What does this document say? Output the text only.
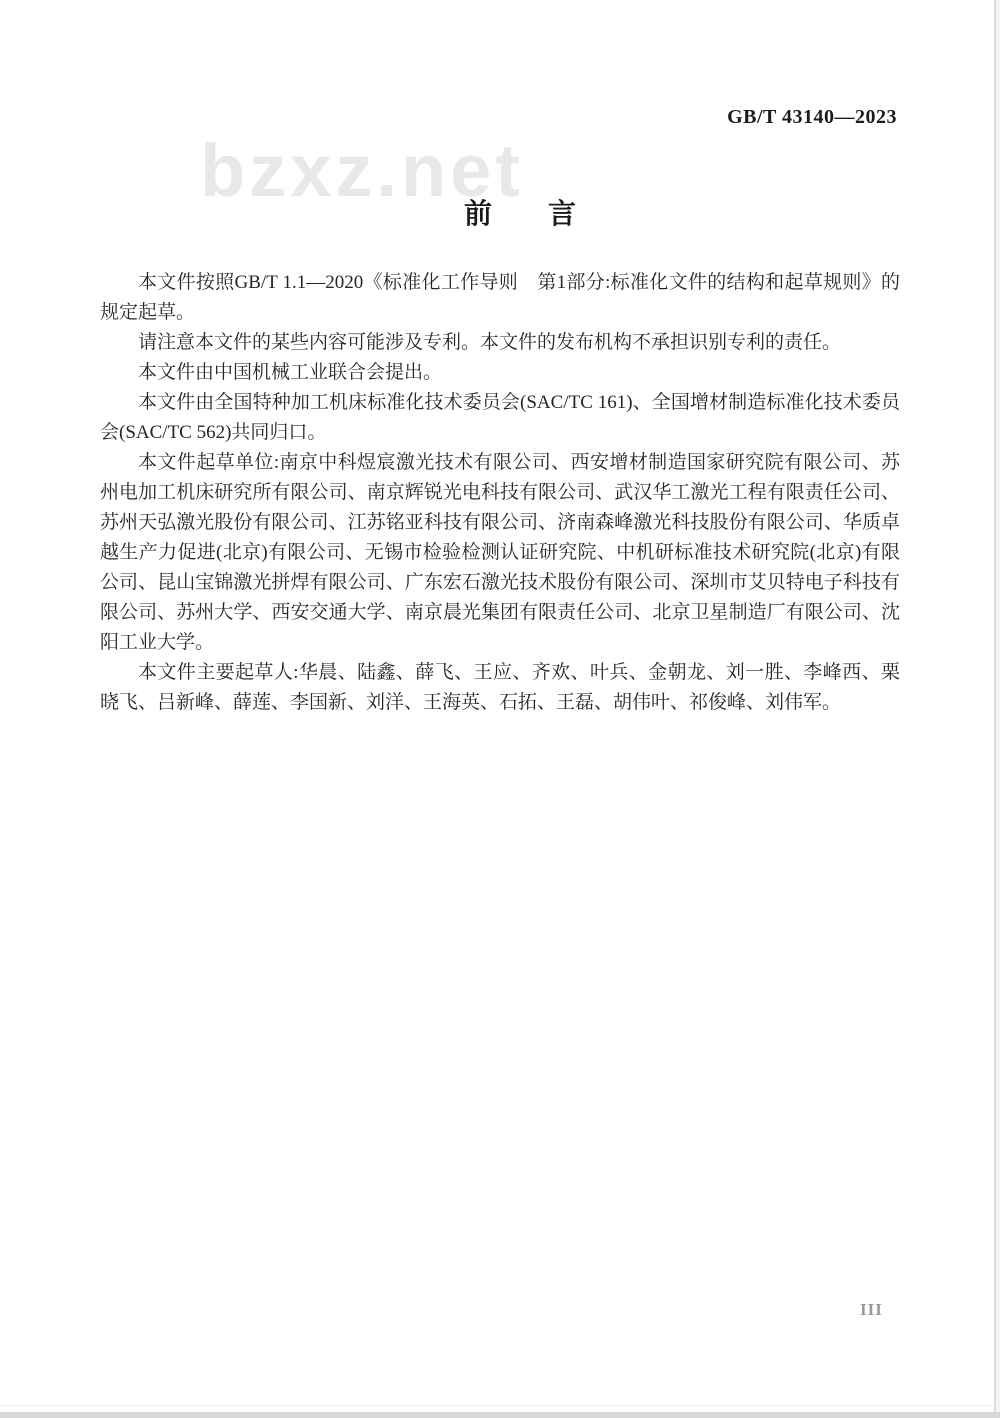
GB/T 43140—2023
bzxz.net
前　　言

本文件按照GB/T 1.1—2020《标准化工作导则　第1部分:标准化文件的结构和起草规则》的规定起草。

请注意本文件的某些内容可能涉及专利。本文件的发布机构不承担识别专利的责任。

本文件由中国机械工业联合会提出。

本文件由全国特种加工机床标准化技术委员会(SAC/TC 161)、全国增材制造标准化技术委员会(SAC/TC 562)共同归口。

本文件起草单位:南京中科煜宸激光技术有限公司、西安增材制造国家研究院有限公司、苏州电加工机床研究所有限公司、南京辉锐光电科技有限公司、武汉华工激光工程有限责任公司、苏州天弘激光股份有限公司、江苏铭亚科技有限公司、济南森峰激光科技股份有限公司、华质卓越生产力促进(北京)有限公司、无锡市检验检测认证研究院、中机研标准技术研究院(北京)有限公司、昆山宝锦激光拼焊有限公司、广东宏石激光技术股份有限公司、深圳市艾贝特电子科技有限公司、苏州大学、西安交通大学、南京晨光集团有限责任公司、北京卫星制造厂有限公司、沈阳工业大学。

本文件主要起草人:华晨、陆鑫、薛飞、王应、齐欢、叶兵、金朝龙、刘一胜、李峰西、栗晓飞、吕新峰、薛莲、李国新、刘洋、王海英、石拓、王磊、胡伟叶、祁俊峰、刘伟军。

III
